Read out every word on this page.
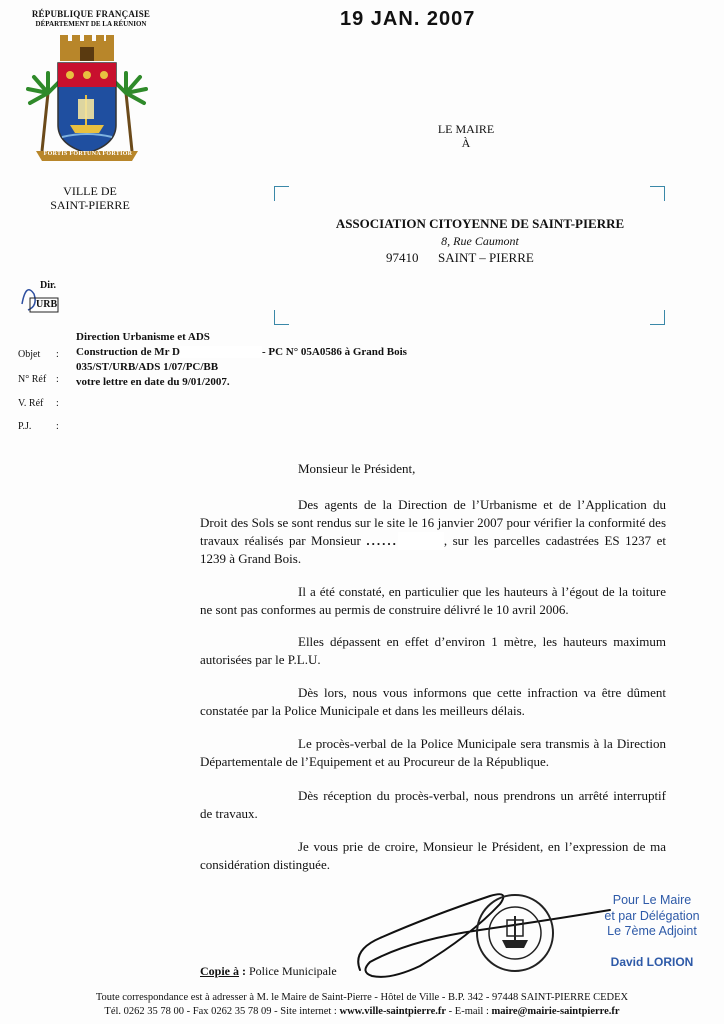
RÉPUBLIQUE FRANÇAISE
DÉPARTEMENT DE LA RÉUNION
FORTIS FORTUNA FORTIOR
VILLE DE
SAINT-PIERRE
19 JAN. 2007
LE MAIRE
À
ASSOCIATION CITOYENNE DE SAINT-PIERRE
8, Rue Caumont
97410 SAINT – PIERRE
Dir.
URB
Direction Urbanisme et ADS
Objet : Construction de Mr D	- PC N° 05A0586 à Grand Bois
N° Réf :
035/ST/URB/ADS 1/07/PC/BB
votre lettre en date du 9/01/2007.
V. Réf :
P.J. :
Monsieur le Président,
Des agents de la Direction de l’Urbanisme et de l’Application du Droit des Sols se sont rendus sur le site le 16 janvier 2007 pour vérifier la conformité des travaux réalisés par Monsieur ......	, sur les parcelles cadastrées ES 1237 et 1239 à Grand Bois.
Il a été constaté, en particulier que les hauteurs à l’égout de la toiture ne sont pas conformes au permis de construire délivré le 10 avril 2006.
Elles dépassent en effet d’environ 1 mètre, les hauteurs maximum autorisées par le P.L.U.
Dès lors, nous vous informons que cette infraction va être dûment constatée par la Police Municipale et dans les meilleurs délais.
Le procès-verbal de la Police Municipale sera transmis à la Direction Départementale de l’Equipement et au Procureur de la République.
Dès réception du procès-verbal, nous prendrons un arrêté interruptif de travaux.
Je vous prie de croire, Monsieur le Président, en l’expression de ma considération distinguée.
Pour Le Maire
et par Délégation
Le 7ème Adjoint
David LORION
Copie à : Police Municipale
Toute correspondance est à adresser à M. le Maire de Saint-Pierre - Hôtel de Ville - B.P. 342 - 97448 SAINT-PIERRE CEDEX
Tél. 0262 35 78 00 - Fax 0262 35 78 09 - Site internet : www.ville-saintpierre.fr - E-mail : maire@mairie-saintpierre.fr
